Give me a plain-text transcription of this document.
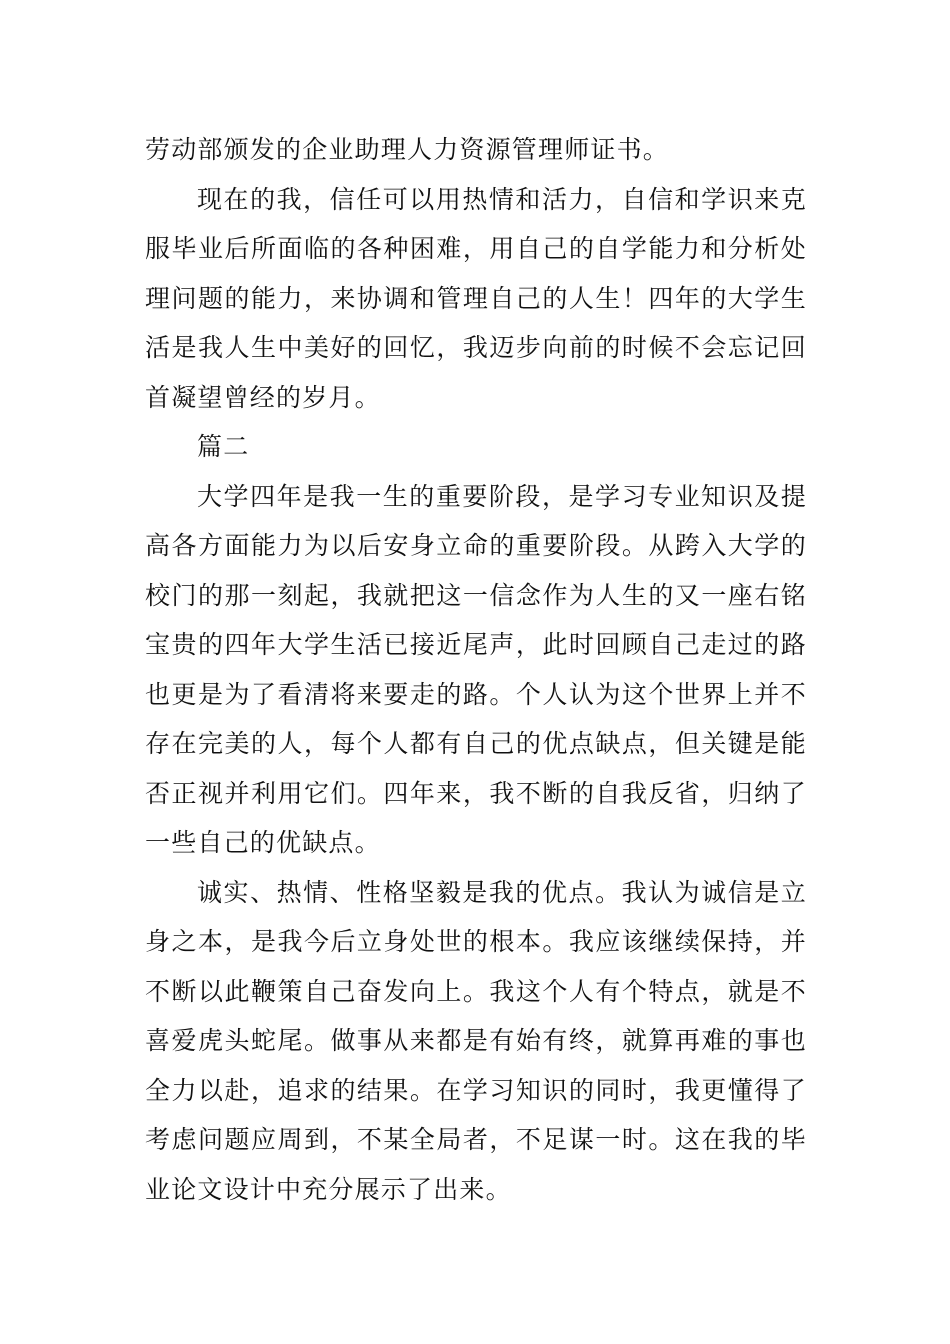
劳动部颁发的企业助理人力资源管理师证书。

现在的我，信任可以用热情和活力，自信和学识来克服毕业后所面临的各种困难，用自己的自学能力和分析处理问题的能力，来协调和管理自己的人生！四年的大学生活是我人生中美好的回忆，我迈步向前的时候不会忘记回首凝望曾经的岁月。

篇二

大学四年是我一生的重要阶段，是学习专业知识及提高各方面能力为以后安身立命的重要阶段。从跨入大学的校门的那一刻起，我就把这一信念作为人生的又一座右铭宝贵的四年大学生活已接近尾声，此时回顾自己走过的路也更是为了看清将来要走的路。个人认为这个世界上并不存在完美的人，每个人都有自己的优点缺点，但关键是能否正视并利用它们。四年来，我不断的自我反省，归纳了一些自己的优缺点。

诚实、热情、性格坚毅是我的优点。我认为诚信是立身之本，是我今后立身处世的根本。我应该继续保持，并不断以此鞭策自己奋发向上。我这个人有个特点，就是不喜爱虎头蛇尾。做事从来都是有始有终，就算再难的事也全力以赴，追求的结果。在学习知识的同时，我更懂得了考虑问题应周到，不某全局者，不足谋一时。这在我的毕业论文设计中充分展示了出来。
